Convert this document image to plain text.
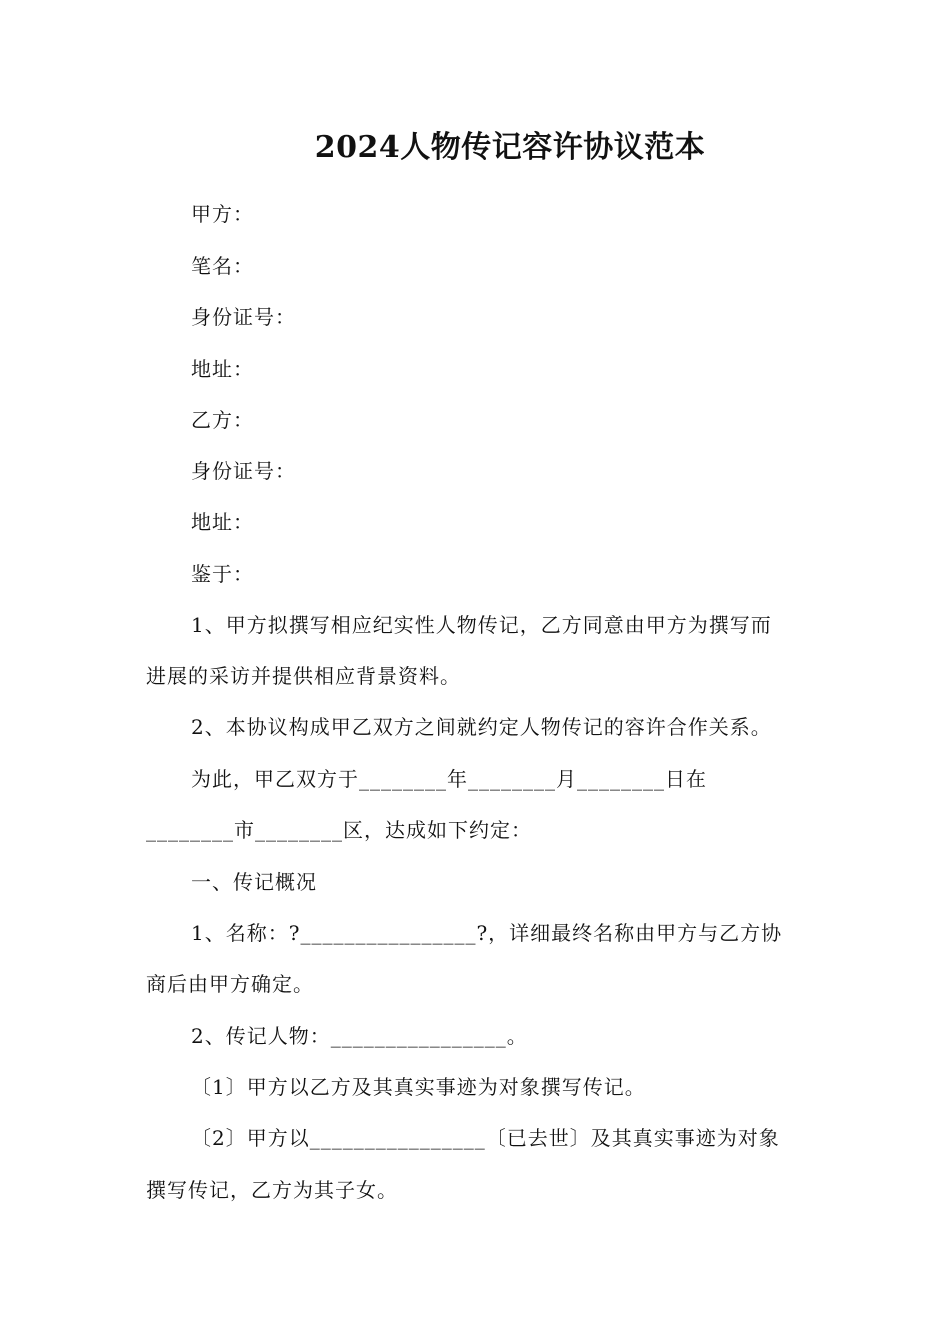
2024人物传记容许协议范本
甲方：
笔名：
身份证号：
地址：
乙方：
身份证号：
地址：
鉴于：
1、甲方拟撰写相应纪实性人物传记，乙方同意由甲方为撰写而
进展的采访并提供相应背景资料。
2、本协议构成甲乙双方之间就约定人物传记的容许合作关系。
为此，甲乙双方于________年________月________日在
________市________区，达成如下约定：
一、传记概况
1、名称：?________________?，详细最终名称由甲方与乙方协
商后由甲方确定。
2、传记人物：________________。
〔1〕甲方以乙方及其真实事迹为对象撰写传记。
〔2〕甲方以________________〔已去世〕及其真实事迹为对象
撰写传记，乙方为其子女。
